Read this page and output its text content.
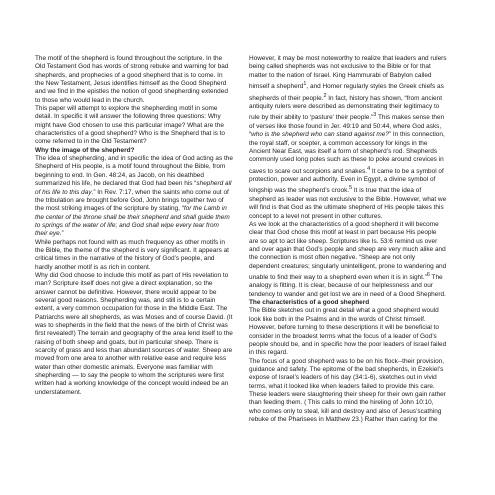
The motif of the shepherd is found throughout the scripture. In the Old Testament God has words of strong rebuke and warning for bad shepherds, and prophecies of a good shepherd that is to come. In the New Testament, Jesus identifies himself as the Good Shepherd and we find in the epistles the notion of good shepherding extended to those who would lead in the church.

This paper will attempt to explore the shepherding motif in some detail. In specific it will answer the following three questions: Why might have God chosen to use this particular image? What are the characteristics of a good shepherd? Who is the Shepherd that is to come referred to in the Old Testament?

Why the image of the shepherd?

The idea of shepherding, and in specific the idea of God acting as the Shepherd of His people, is a motif found throughout the Bible, from beginning to end. In Gen. 48:24, as Jacob, on his deathbed summarized his life, he declared that God had been his “shepherd all of his life to this day.” In Rev. 7:17, when the saints who come out of the tribulation are brought before God, John brings together two of the most striking images of the scripture by stating, “for the Lamb in the center of the throne shall be their shepherd and shall guide them to springs of the water of life; and God shall wipe every tear from their eye.”

While perhaps not found with as much frequency as other motifs in the Bible, the theme of the shepherd is very significant. It appears at critical times in the narrative of the history of God’s people, and hardly another motif is as rich in content.

Why did God choose to include this motif as part of His revelation to man? Scripture itself does not give a direct explanation, so the answer cannot be definitive. However, there would appear to be several good reasons. Shepherding was, and still is to a certain extent, a very common occupation for those in the Middle East. The Patriarchs were all shepherds, as was Moses and of course David. (It was to shepherds in the field that the news of the birth of Christ was first revealed!) The terrain and geography of the area lend itself to the raising of both sheep and goats, but in particular sheep. There is scarcity of grass and less than abundant sources of water. Sheep are moved from one area to another with relative ease and require less water than other domestic animals. Everyone was familiar with shepherding — to say the people to whom the scriptures were first written had a working knowledge of the concept would indeed be an understatement.

However, it may be most noteworthy to realize that leaders and rulers being called shepherds was not exclusive to the Bible or for that matter to the nation of Israel. King Hammurabi of Babylon called himself a shepherd$^1$, and Homer regularly styles the Greek chiefs as shepherds of their people.$^2$ In fact, history has shown, “from ancient antiquity rulers were described as demonstrating their legitimacy to rule by their ability to ‘pasture’ their people.”$^3$ This makes sense then of verses like those found in Jer. 49:19 and 50:44, where God asks, “who is the shepherd who can stand against me?” In this connection, the royal staff, or scepter, a common accessory for kings in the Ancient Near East, was itself a form of shepherd’s rod. Shepherds commonly used long poles such as these to poke around crevices in caves to scare out scorpions and snakes.$^4$ It came to be a symbol of protection, power and authority. Even in Egypt, a divine symbol of kingship was the shepherd’s crook.$^5$ It is true that the idea of shepherd as leader was not exclusive to the Bible. However, what we will find is that God as the ultimate shepherd of His people takes this concept to a level not present in other cultures.

As we look at the characteristics of a good shepherd it will become clear that God chose this motif at least in part because His people are so apt to act like sheep. Scriptures like Is. 53:6 remind us over and over again that God’s people and sheep are very much alike and the connection is most often negative. “Sheep are not only dependent creatures; singularly unintelligent, prone to wandering and unable to find their way to a shepherd even when it is in sight.”$^6$ The analogy is fitting. It is clear, because of our helplessness and our tendency to wander and get lost we are in need of a Good Shepherd.

The characteristics of a good shepherd

The Bible sketches out in great detail what a good shepherd would look like both in the Psalms and in the words of Christ himself. However, before turning to these descriptions it will be beneficial to consider in the broadest terms what the focus of a leader of God’s people should be, and in specific how the poor leaders of Israel failed in this regard.

The focus of a good shepherd was to be on his flock--their provision, guidance and safety. The epitome of the bad shepherds, in Ezekiel’s expose of Israel’s leaders of his day (34:1-6), sketches out in vivid terms, what it looked like when leaders failed to provide this care. These leaders were slaughtering their sheep for their own gain rather than feeding them. ( This calls to mind the hireling of John 10:10, who comes only to steal, kill and destroy and also of Jesus’scathing rebuke of the Pharisees in Matthew 23.) Rather than caring for the
